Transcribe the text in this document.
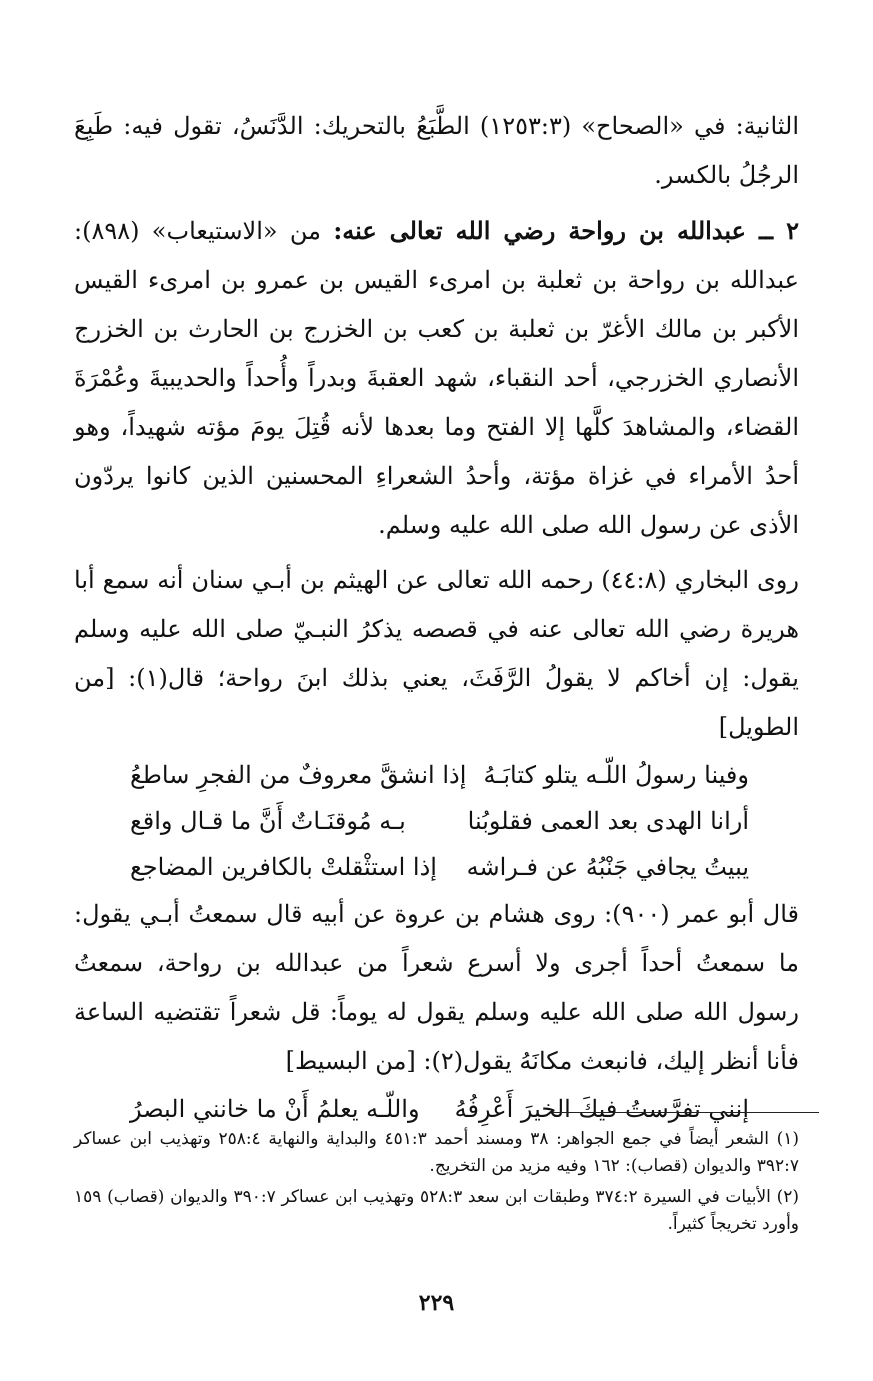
الثانية: في «الصحاح» (١٢٥٣:٣) الطَّبَعُ بالتحريك: الدَّنَسُ، تقول فيه: طَبِعَ الرجُلُ بالكسر.

٢ ــ عبدالله بن رواحة رضي الله تعالى عنه: من «الاستيعاب» (٨٩٨): عبدالله بن رواحة بن ثعلبة بن امرىء القيس بن عمرو بن امرىء القيس الأكبر بن مالك الأغرّ بن ثعلبة بن كعب بن الخزرج بن الحارث بن الخزرج الأنصاري الخزرجي، أحد النقباء، شهد العقبةَ وبدراً وأُحداً والحديبيةَ وعُمْرَةَ القضاء، والمشاهدَ كلَّها إلا الفتح وما بعدها لأنه قُتِلَ يومَ مؤته شهيداً، وهو أحدُ الأمراء في غزاة مؤتة، وأحدُ الشعراءِ المحسنين الذين كانوا يردّون الأذى عن رسول الله صلى الله عليه وسلم.

روى البخاري (٤٤:٨) رحمه الله تعالى عن الهيثم بن أبـي سنان أنه سمع أبا هريرة رضي الله تعالى عنه في قصصه يذكرُ النبـيّ صلى الله عليه وسلم يقول: إن أخاكم لا يقولُ الرَّفَثَ، يعني بذلك ابنَ رواحة؛ قال(١): [من الطويل]

وفينا رسولُ اللّـه يتلو كتابَـهُ
إذا انشقَّ معروفٌ من الفجرِ ساطعُ
أرانا الهدى بعد العمى فقلوبُنا
بـه مُوقنَـاتٌ أَنَّ ما قـال واقع
يبيتُ يجافي جَنْبُهُ عن فـراشه
إذا استثْقلتْ بالكافرين المضاجع

قال أبو عمر (٩٠٠): روى هشام بن عروة عن أبيه قال سمعتُ أبـي يقول: ما سمعتُ أحداً أجرى ولا أسرع شعراً من عبدالله بن رواحة، سمعتُ رسول الله صلى الله عليه وسلم يقول له يوماً: قل شعراً تقتضيه الساعة فأنا أنظر إليك، فانبعث مكانَهُ يقول(٢): [من البسيط]

إنني تفرَّستُ فيكَ الخيرَ أَعْرِفُهُ
واللّـه يعلمُ أَنْ ما خانني البصرُ

(١) الشعر أيضاً في جمع الجواهر: ٣٨ ومسند أحمد ٤٥١:٣ والبداية والنهاية ٢٥٨:٤ وتهذيب ابن عساكر ٣٩٢:٧ والديوان (قصاب): ١٦٢ وفيه مزيد من التخريج.

(٢) الأبيات في السيرة ٣٧٤:٢ وطبقات ابن سعد ٥٢٨:٣ وتهذيب ابن عساكر ٣٩٠:٧ والديوان (قصاب) ١٥٩ وأورد تخريجاً كثيراً.

٢٢٩
